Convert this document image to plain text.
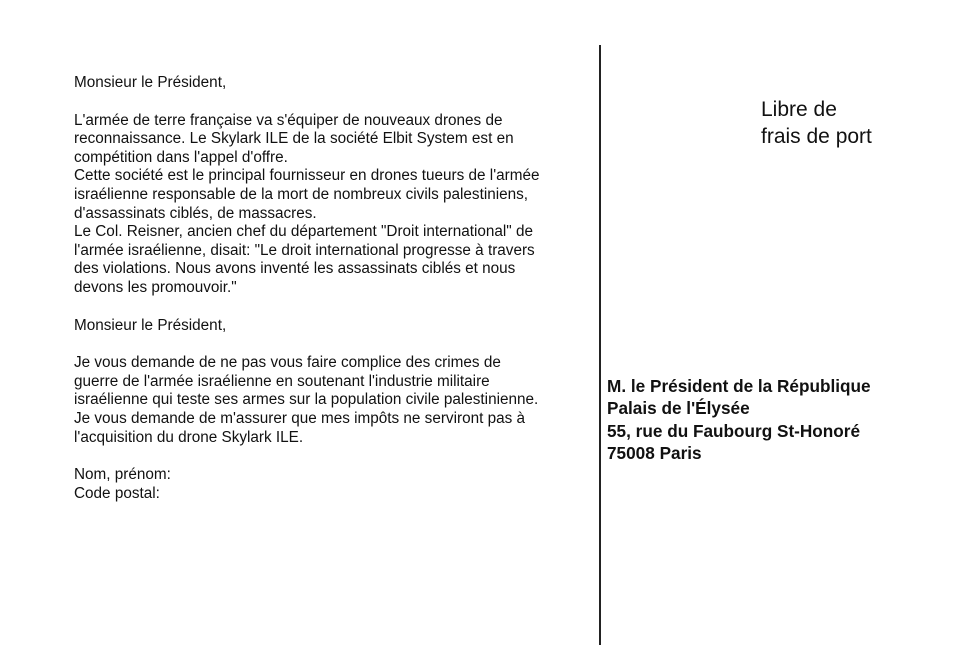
Monsieur le Président,

L'armée de terre française va s'équiper de nouveaux drones de

reconnaissance. Le Skylark ILE de la société Elbit System est en

compétition dans l'appel d'offre.

Cette société est le principal fournisseur en drones tueurs de l'armée

israélienne responsable de la mort de nombreux civils palestiniens,

d'assassinats ciblés, de massacres.

Le Col. Reisner, ancien chef du département "Droit international" de

l'armée israélienne, disait: "Le droit international progresse à travers

des violations. Nous avons inventé les assassinats ciblés et nous

devons les promouvoir."

Monsieur le Président,

Je vous demande de ne pas vous faire complice des crimes de

guerre de l'armée israélienne en soutenant l'industrie militaire

israélienne qui teste ses armes sur la population civile palestinienne.

Je vous demande de m'assurer que mes impôts ne serviront pas à

l'acquisition du drone Skylark ILE.

Nom, prénom:

Code postal:

Libre de
frais de port
M. le Président de la République
Palais de l'Élysée
55, rue du Faubourg St-Honoré
75008 Paris
